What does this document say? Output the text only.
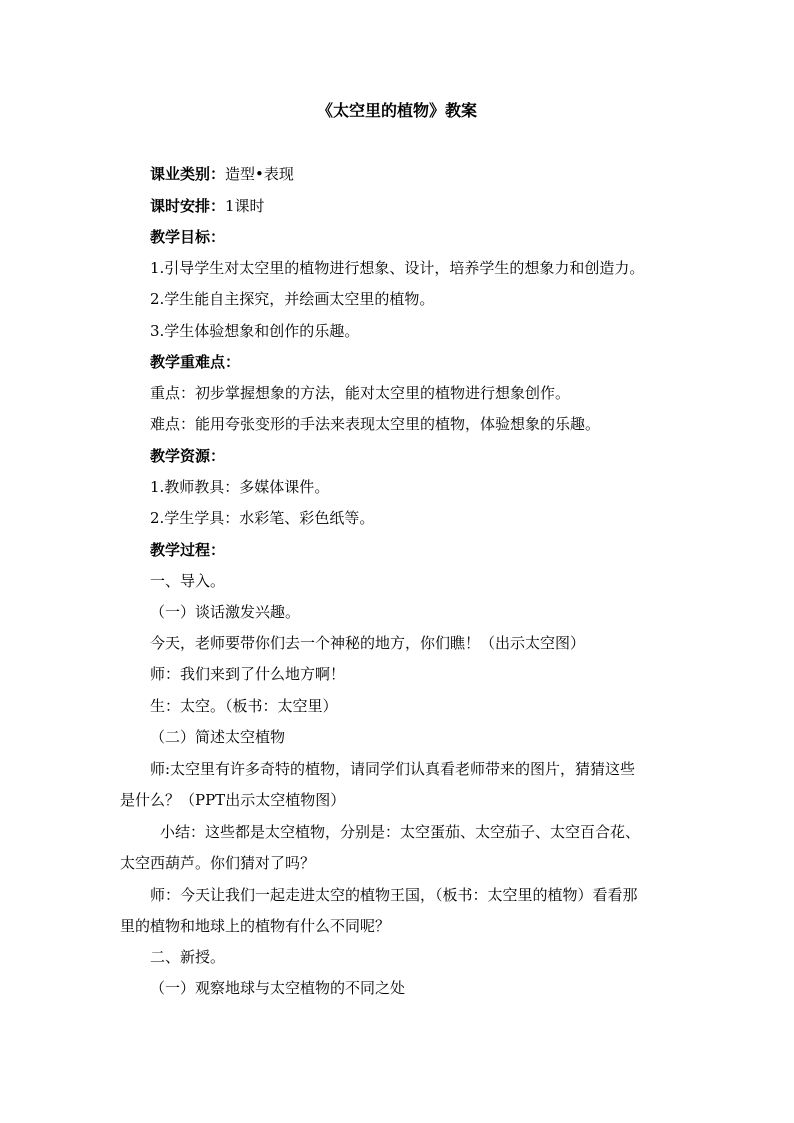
《太空里的植物》教案
课业类别：造型•表现
课时安排：1课时
教学目标：
1.引导学生对太空里的植物进行想象、设计，培养学生的想象力和创造力。
2.学生能自主探究，并绘画太空里的植物。
3.学生体验想象和创作的乐趣。
教学重难点：
重点：初步掌握想象的方法，能对太空里的植物进行想象创作。
难点：能用夸张变形的手法来表现太空里的植物，体验想象的乐趣。
教学资源：
1.教师教具：多媒体课件。
2.学生学具：水彩笔、彩色纸等。
教学过程：
一、导入。
（一）谈话激发兴趣。
今天，老师要带你们去一个神秘的地方，你们瞧！（出示太空图）
师：我们来到了什么地方啊！
生：太空。（板书：太空里）
（二）简述太空植物
师:太空里有许多奇特的植物，请同学们认真看老师带来的图片，猜猜这些
是什么？（PPT出示太空植物图）
小结：这些都是太空植物，分别是：太空蛋茄、太空茄子、太空百合花、
太空西葫芦。你们猜对了吗？
师：今天让我们一起走进太空的植物王国，（板书：太空里的植物）看看那
里的植物和地球上的植物有什么不同呢？
二、新授。
（一）观察地球与太空植物的不同之处
